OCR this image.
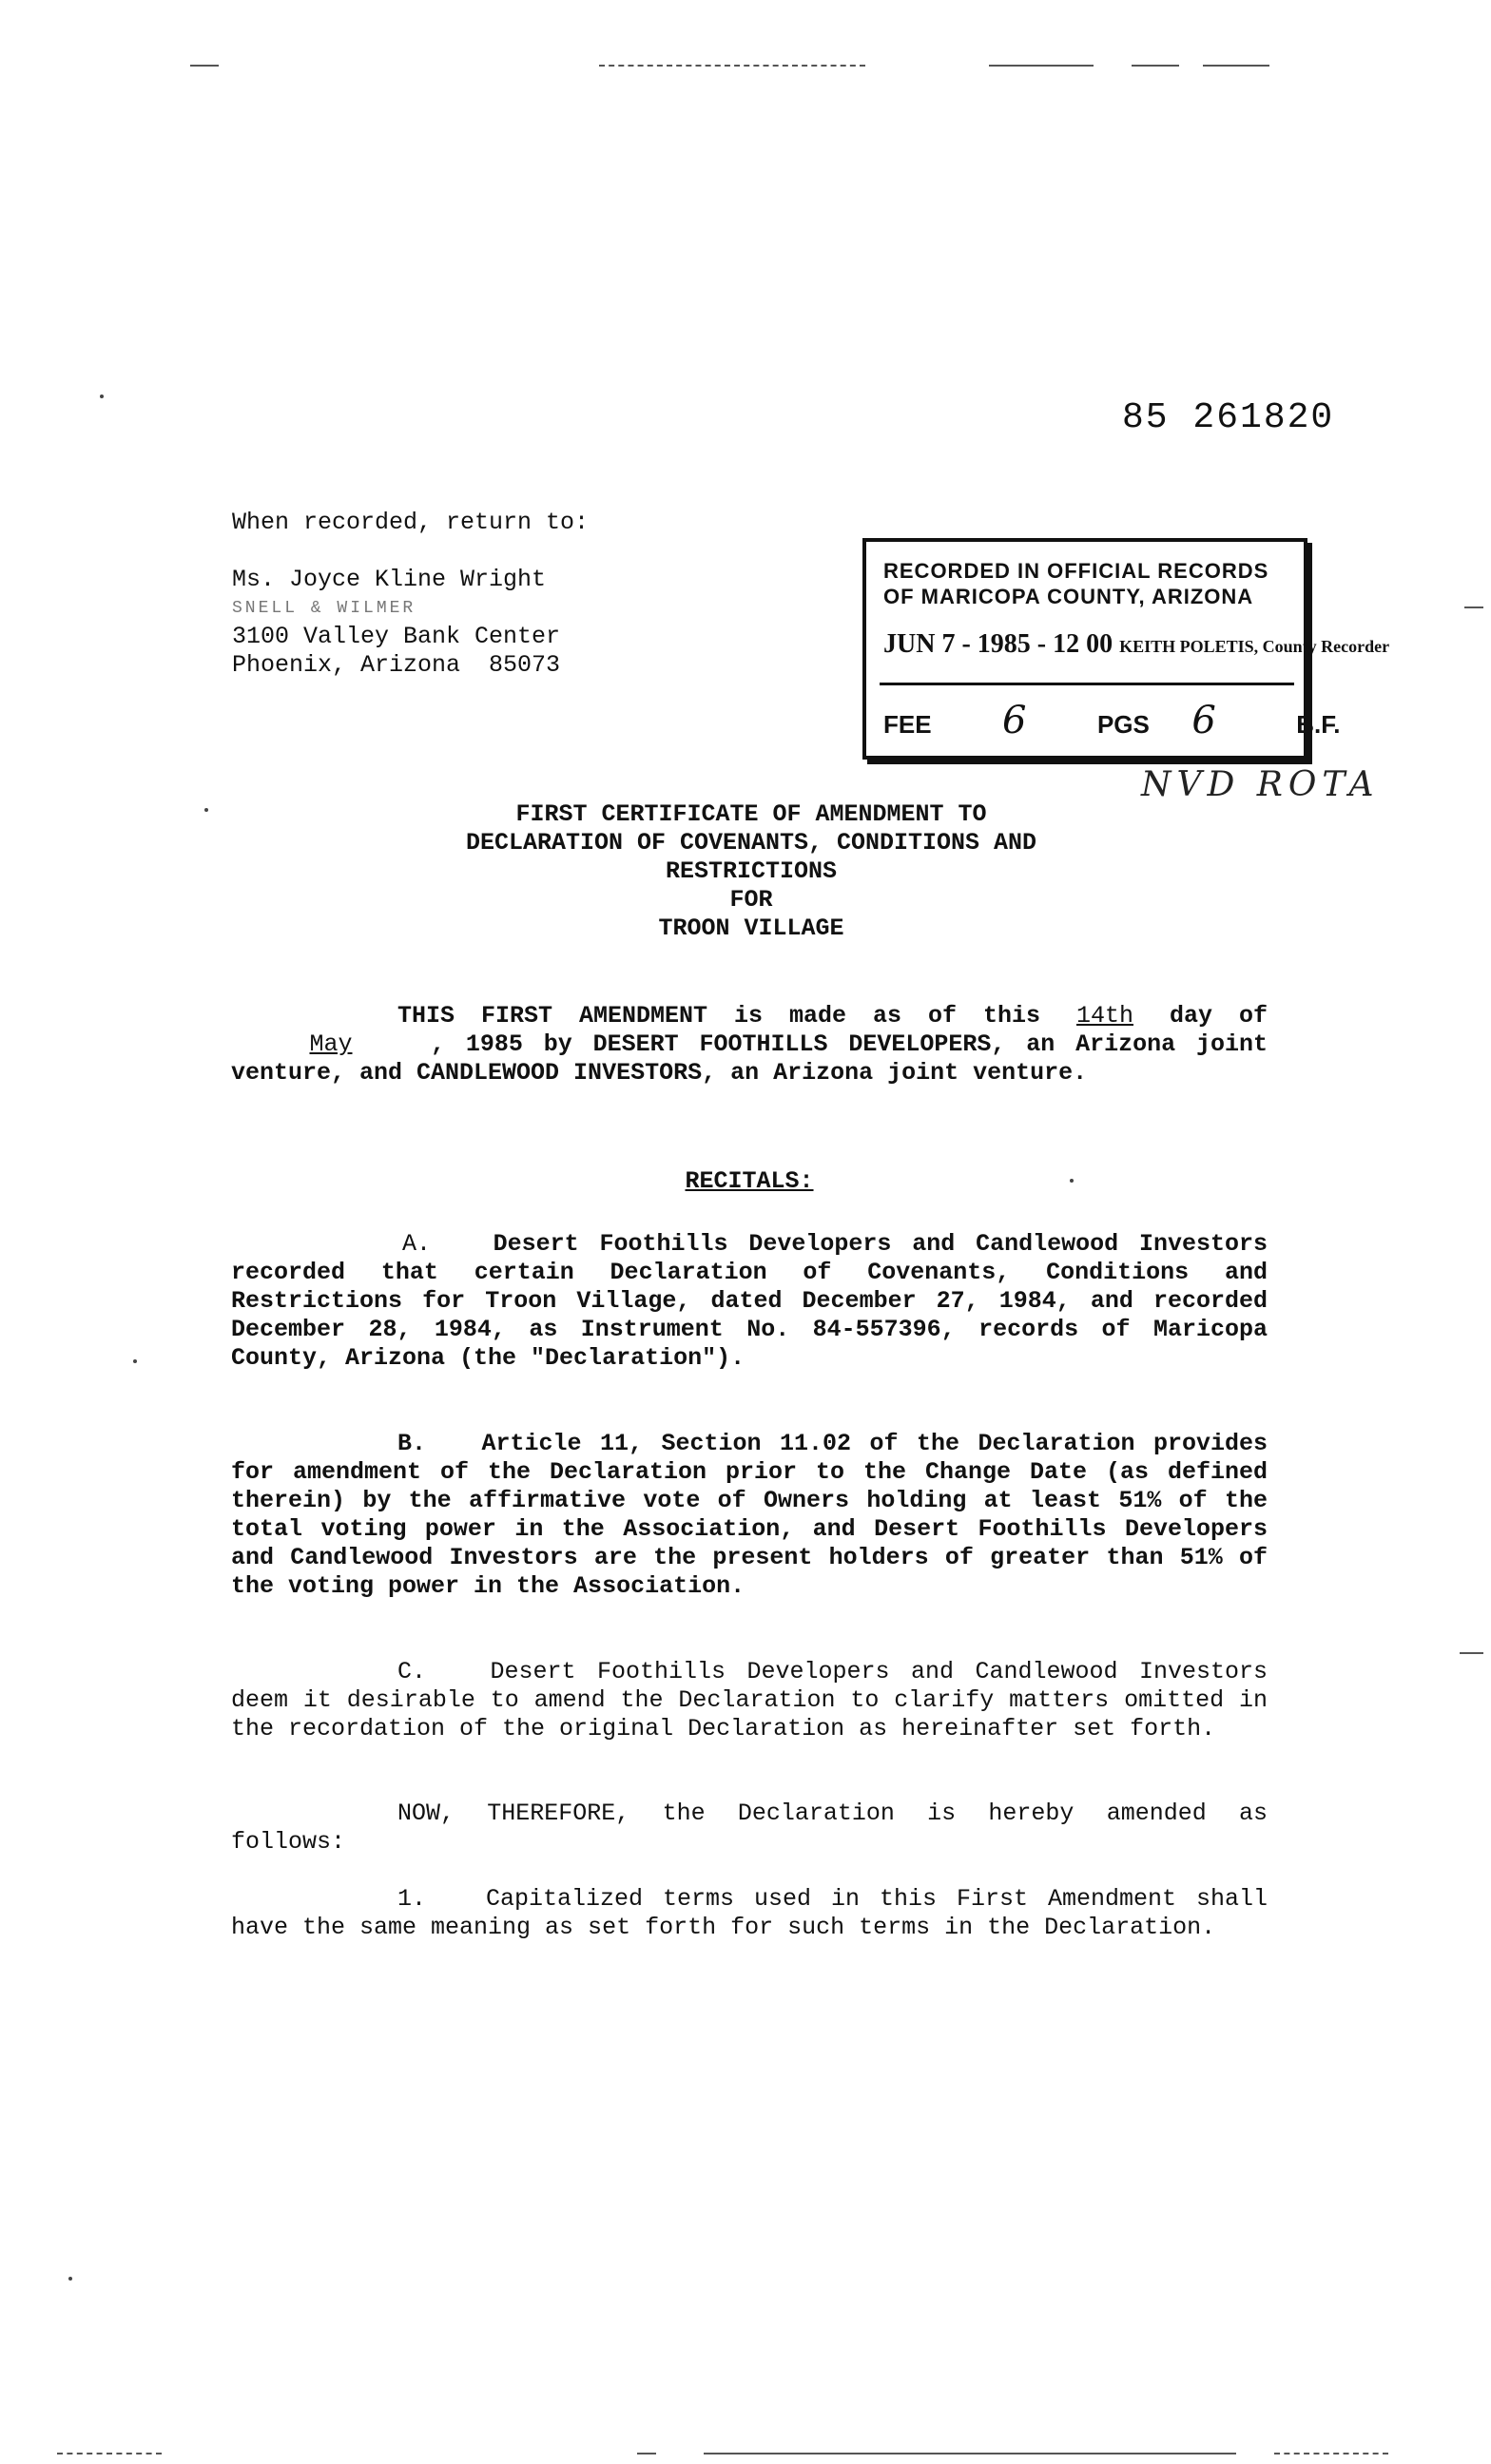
85 261820
When recorded, return to:
Ms. Joyce Kline Wright
SNELL & WILMER
3100 Valley Bank Center
Phoenix, Arizona  85073
RECORDED IN OFFICIAL RECORDS
OF MARICOPA COUNTY, ARIZONA
JUN 7 - 1985 - 12 00 KEITH POLETIS, County Recorder
FEE 6	PGS 6	B.F.
NVD ROTA
FIRST CERTIFICATE OF AMENDMENT TO
DECLARATION OF COVENANTS, CONDITIONS AND
RESTRICTIONS
FOR
TROON VILLAGE
THIS FIRST AMENDMENT is made as of this 14th day of May	, 1985 by DESERT FOOTHILLS DEVELOPERS, an Arizona joint venture, and CANDLEWOOD INVESTORS, an Arizona joint venture.
RECITALS:
A.	Desert Foothills Developers and Candlewood Investors recorded that certain Declaration of Covenants, Conditions and Restrictions for Troon Village, dated December 27, 1984, and recorded December 28, 1984, as Instrument No. 84-557396, records of Maricopa County, Arizona (the "Declaration").
B. Article 11, Section 11.02 of the Declaration provides for amendment of the Declaration prior to the Change Date (as defined therein) by the affirmative vote of Owners holding at least 51% of the total voting power in the Association, and Desert Foothills Developers and Candlewood Investors are the present holders of greater than 51% of the voting power in the Association.
C.	Desert Foothills Developers and Candlewood Investors deem it desirable to amend the Declaration to clarify matters omitted in the recordation of the original Declaration as hereinafter set forth.
NOW, THEREFORE, the Declaration is hereby amended as follows:
1.	Capitalized terms used in this First Amendment shall have the same meaning as set forth for such terms in the Declaration.
